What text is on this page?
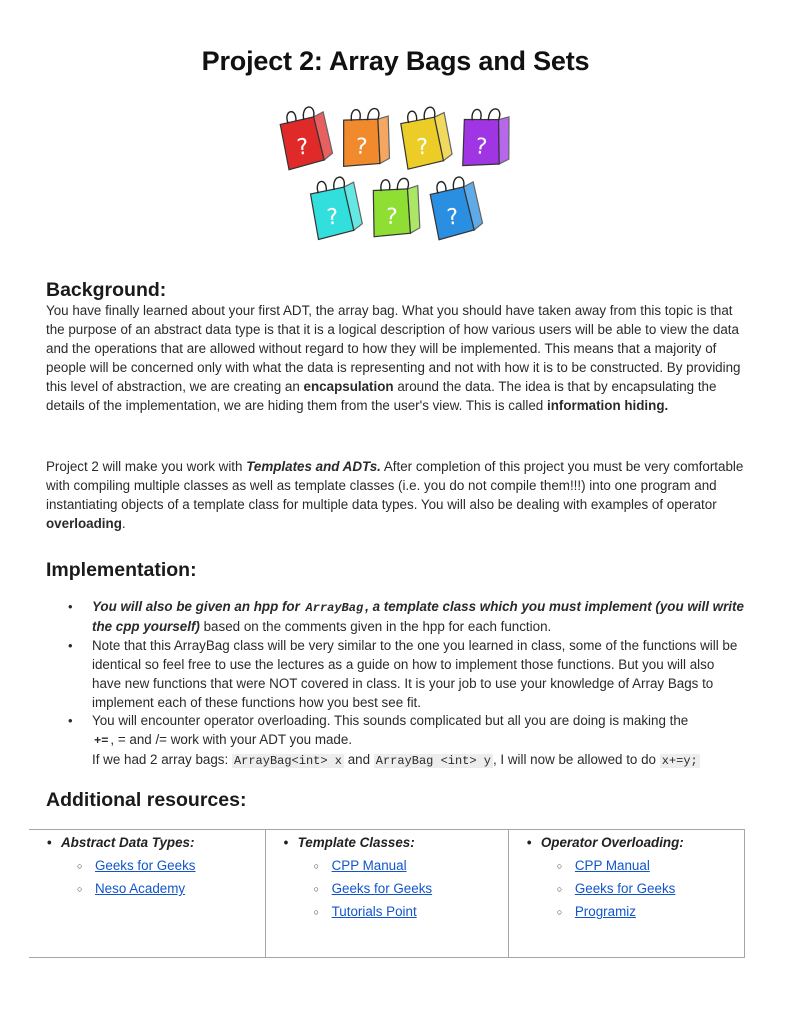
Project 2: Array Bags and Sets
? ? ? ?
? ? ?
Background:

You have finally learned about your first ADT, the array bag. What you should have taken away from this topic is that the purpose of an abstract data type is that it is a logical description of how various users will be able to view the data and the operations that are allowed without regard to how they will be implemented. This means that a majority of people will be concerned only with what the data is representing and not with how it is to be constructed. By providing this level of abstraction, we are creating an encapsulation around the data. The idea is that by encapsulating the details of the implementation, we are hiding them from the user's view. This is called information hiding.

Project 2 will make you work with Templates and ADTs. After completion of this project you must be very comfortable with compiling multiple classes as well as template classes (i.e. you do not compile them!!!) into one program and instantiating objects of a template class for multiple data types. You will also be dealing with examples of operator overloading.

Implementation:
• You will also be given an hpp for ArrayBag , a template class which you must implement (you will write the cpp yourself) based on the comments given in the hpp for each function.
• Note that this ArrayBag class will be very similar to the one you learned in class, some of the functions will be identical so feel free to use the lectures as a guide on how to implement those functions. But you will also have new functions that were NOT covered in class. It is your job to use your knowledge of Array Bags to implement each of these functions how you best see fit.
• You will encounter operator overloading. This sounds complicated but all you are doing is making the
+= , = and /= work with your ADT you made.
If we had 2 array bags: ArrayBag<int> x and ArrayBag <int> y , I will now be allowed to do x+=y;
Additional resources:
• Abstract Data Types:
○ Geeks for Geeks
○ Neso Academy

• Template Classes:
○ CPP Manual
○ Geeks for Geeks
○ Tutorials Point

• Operator Overloading:
○ CPP Manual
○ Geeks for Geeks
○ Programiz
